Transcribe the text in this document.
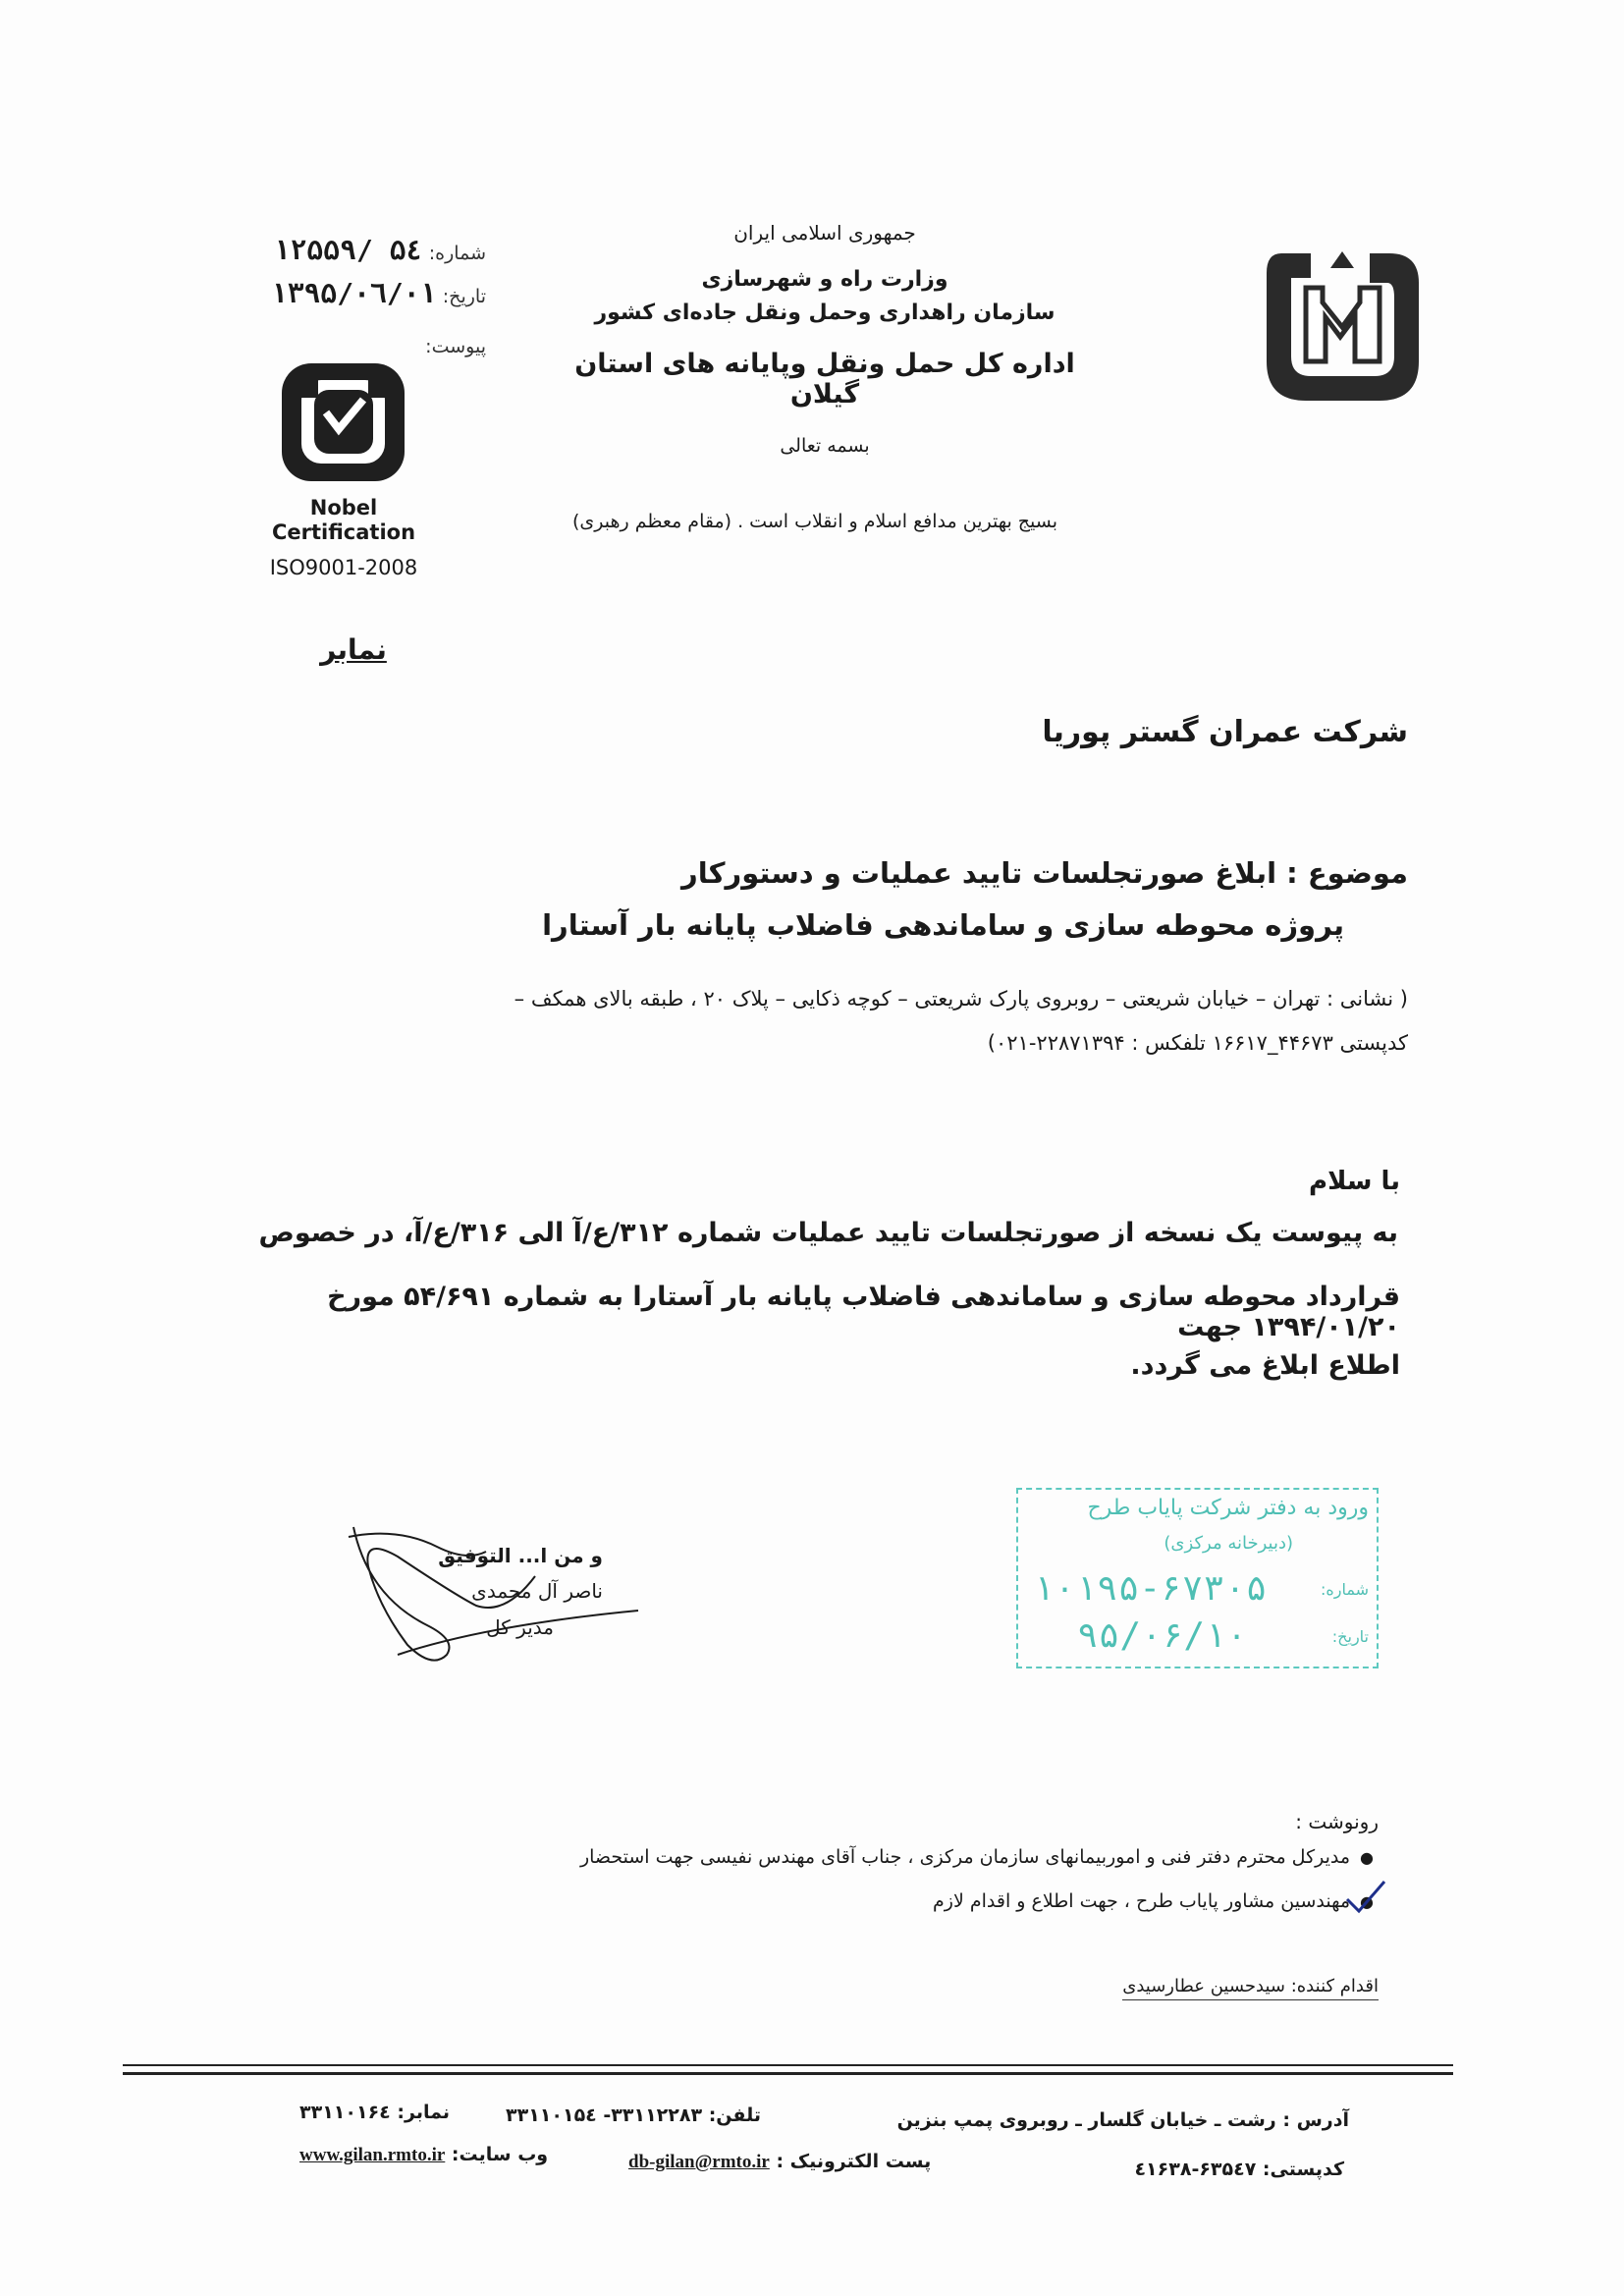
جمهوری اسلامی ایران
وزارت راه و شهرسازی
سازمان راهداری وحمل ونقل جاده‌ای کشور
اداره کل حمل ونقل وپایانه های استان گیلان
بسمه تعالی
بسیج بهترین مدافع اسلام و انقلاب است . (مقام معظم رهبری)
شماره: ۵٤ /۱۲۵۵۹
تاریخ: ۱۳۹۵/۰٦/۰۱
پیوست:
Nobel
Certification
ISO9001-2008
نمابر
شرکت عمران گستر پوریا
موضوع : ابلاغ صورتجلسات تایید عملیات و دستورکار
پروژه محوطه سازی و ساماندهی فاضلاب پایانه بار آستارا
( نشانی : تهران – خیابان شریعتی – روبروی پارک شریعتی – کوچه ذکایی – پلاک ۲۰ ، طبقه بالای همکف –
کدپستی ۴۴۶۷۳_۱۶۶۱۷ تلفکس : ۲۲۸۷۱۳۹۴-۰۲۱)
با سلام
به پیوست یک نسخه از صورتجلسات تایید عملیات شماره ۳۱۲/ع/آ الی ۳۱۶/ع/آ، در خصوص
قرارداد محوطه سازی و ساماندهی فاضلاب پایانه بار آستارا به شماره ۵۴/۶۹۱ مورخ ۱۳۹۴/۰۱/۲۰ جهت
اطلاع ابلاغ می گردد.
و من ا... التوفیق
ناصر آل محمدی
مدیر کل
ورود به دفتر شرکت پایاب طرح
(دبیرخانه مرکزی)
شماره:
۱۰۱۹۵-۶۷۳۰۵
تاریخ:
۹۵/۰۶/۱۰
رونوشت :
●مدیرکل محترم دفتر فنی و اموربیمانهای سازمان مرکزی ، جناب آقای مهندس نفیسی جهت استحضار
●مهندسین مشاور پایاب طرح ، جهت اطلاع و اقدام لازم
اقدام کننده: سیدحسین عطارسیدی
آدرس : رشت ـ خیابان گلسار ـ روبروی پمپ بنزین
تلفن: ۳۳۱۱۲۲۸۳- ۳۳۱۱۰۱۵٤
نمابر: ۳۳۱۱۰۱۶٤
کدپستی: ۶۳۵٤۷-٤۱۶۳۸
پست الکترونیک : db-gilan@rmto.ir
وب سایت: www.gilan.rmto.ir
